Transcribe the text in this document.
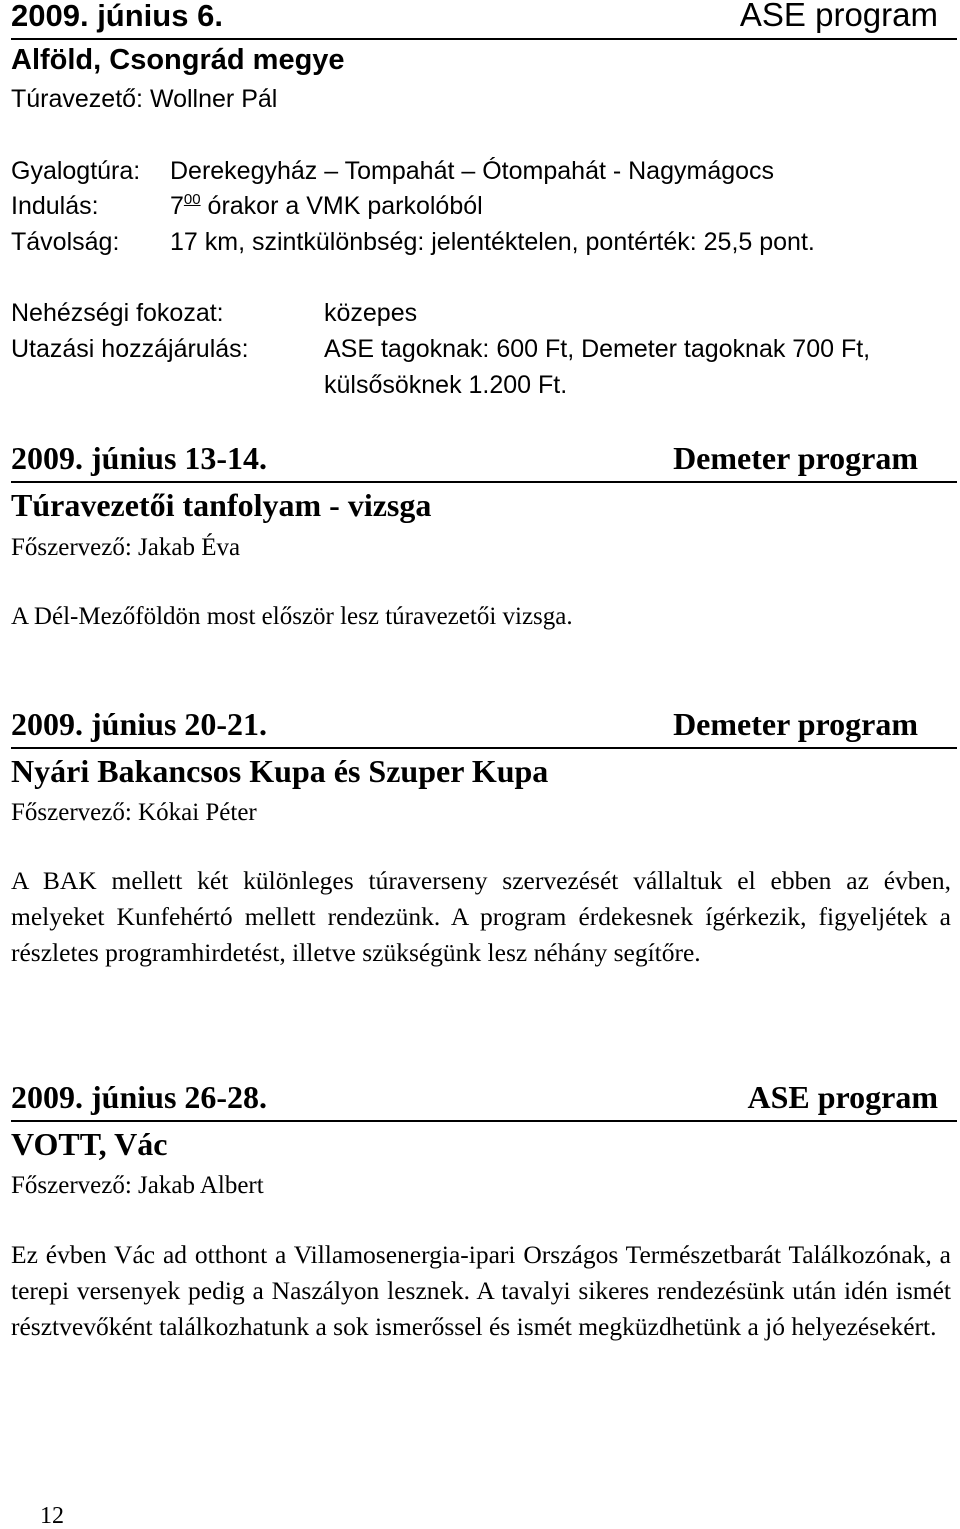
2009. június 6.	ASE program
Alföld, Csongrád megye
Túravezető: Wollner Pál
Gyalogtúra: Derekegyház – Tompahát – Ótompahát - Nagymágocs
Indulás:	$7^{00}$ órakor a VMK parkolóból
Távolság: 17 km, szintkülönbség: jelentéktelen, pontérték: 25,5 pont.
Nehézségi fokozat:	közepes
Utazási hozzájárulás:	ASE tagoknak: 600 Ft, Demeter tagoknak 700 Ft,
külsősöknek 1.200 Ft.
2009. június 13-14.	Demeter program
Túravezetői tanfolyam - vizsga
Főszervező: Jakab Éva
A Dél-Mezőföldön most először lesz túravezetői vizsga.
2009. június 20-21.	Demeter program
Nyári Bakancsos Kupa és Szuper Kupa
Főszervező: Kókai Péter
A BAK mellett két különleges túraverseny szervezését vállaltuk el ebben az évben, melyeket Kunfehértó mellett rendezünk. A program érdekesnek ígérkezik, figyeljétek a részletes programhirdetést, illetve szükségünk lesz néhány segítőre.
2009. június 26-28.	ASE program
VOTT, Vác
Főszervező: Jakab Albert
Ez évben Vác ad otthont a Villamosenergia-ipari Országos Természetbarát Találkozónak, a terepi versenyek pedig a Naszályon lesznek. A tavalyi sikeres rendezésünk után idén ismét résztvevőként találkozhatunk a sok ismerőssel és ismét megküzdhetünk a jó helyezésekért.
12
